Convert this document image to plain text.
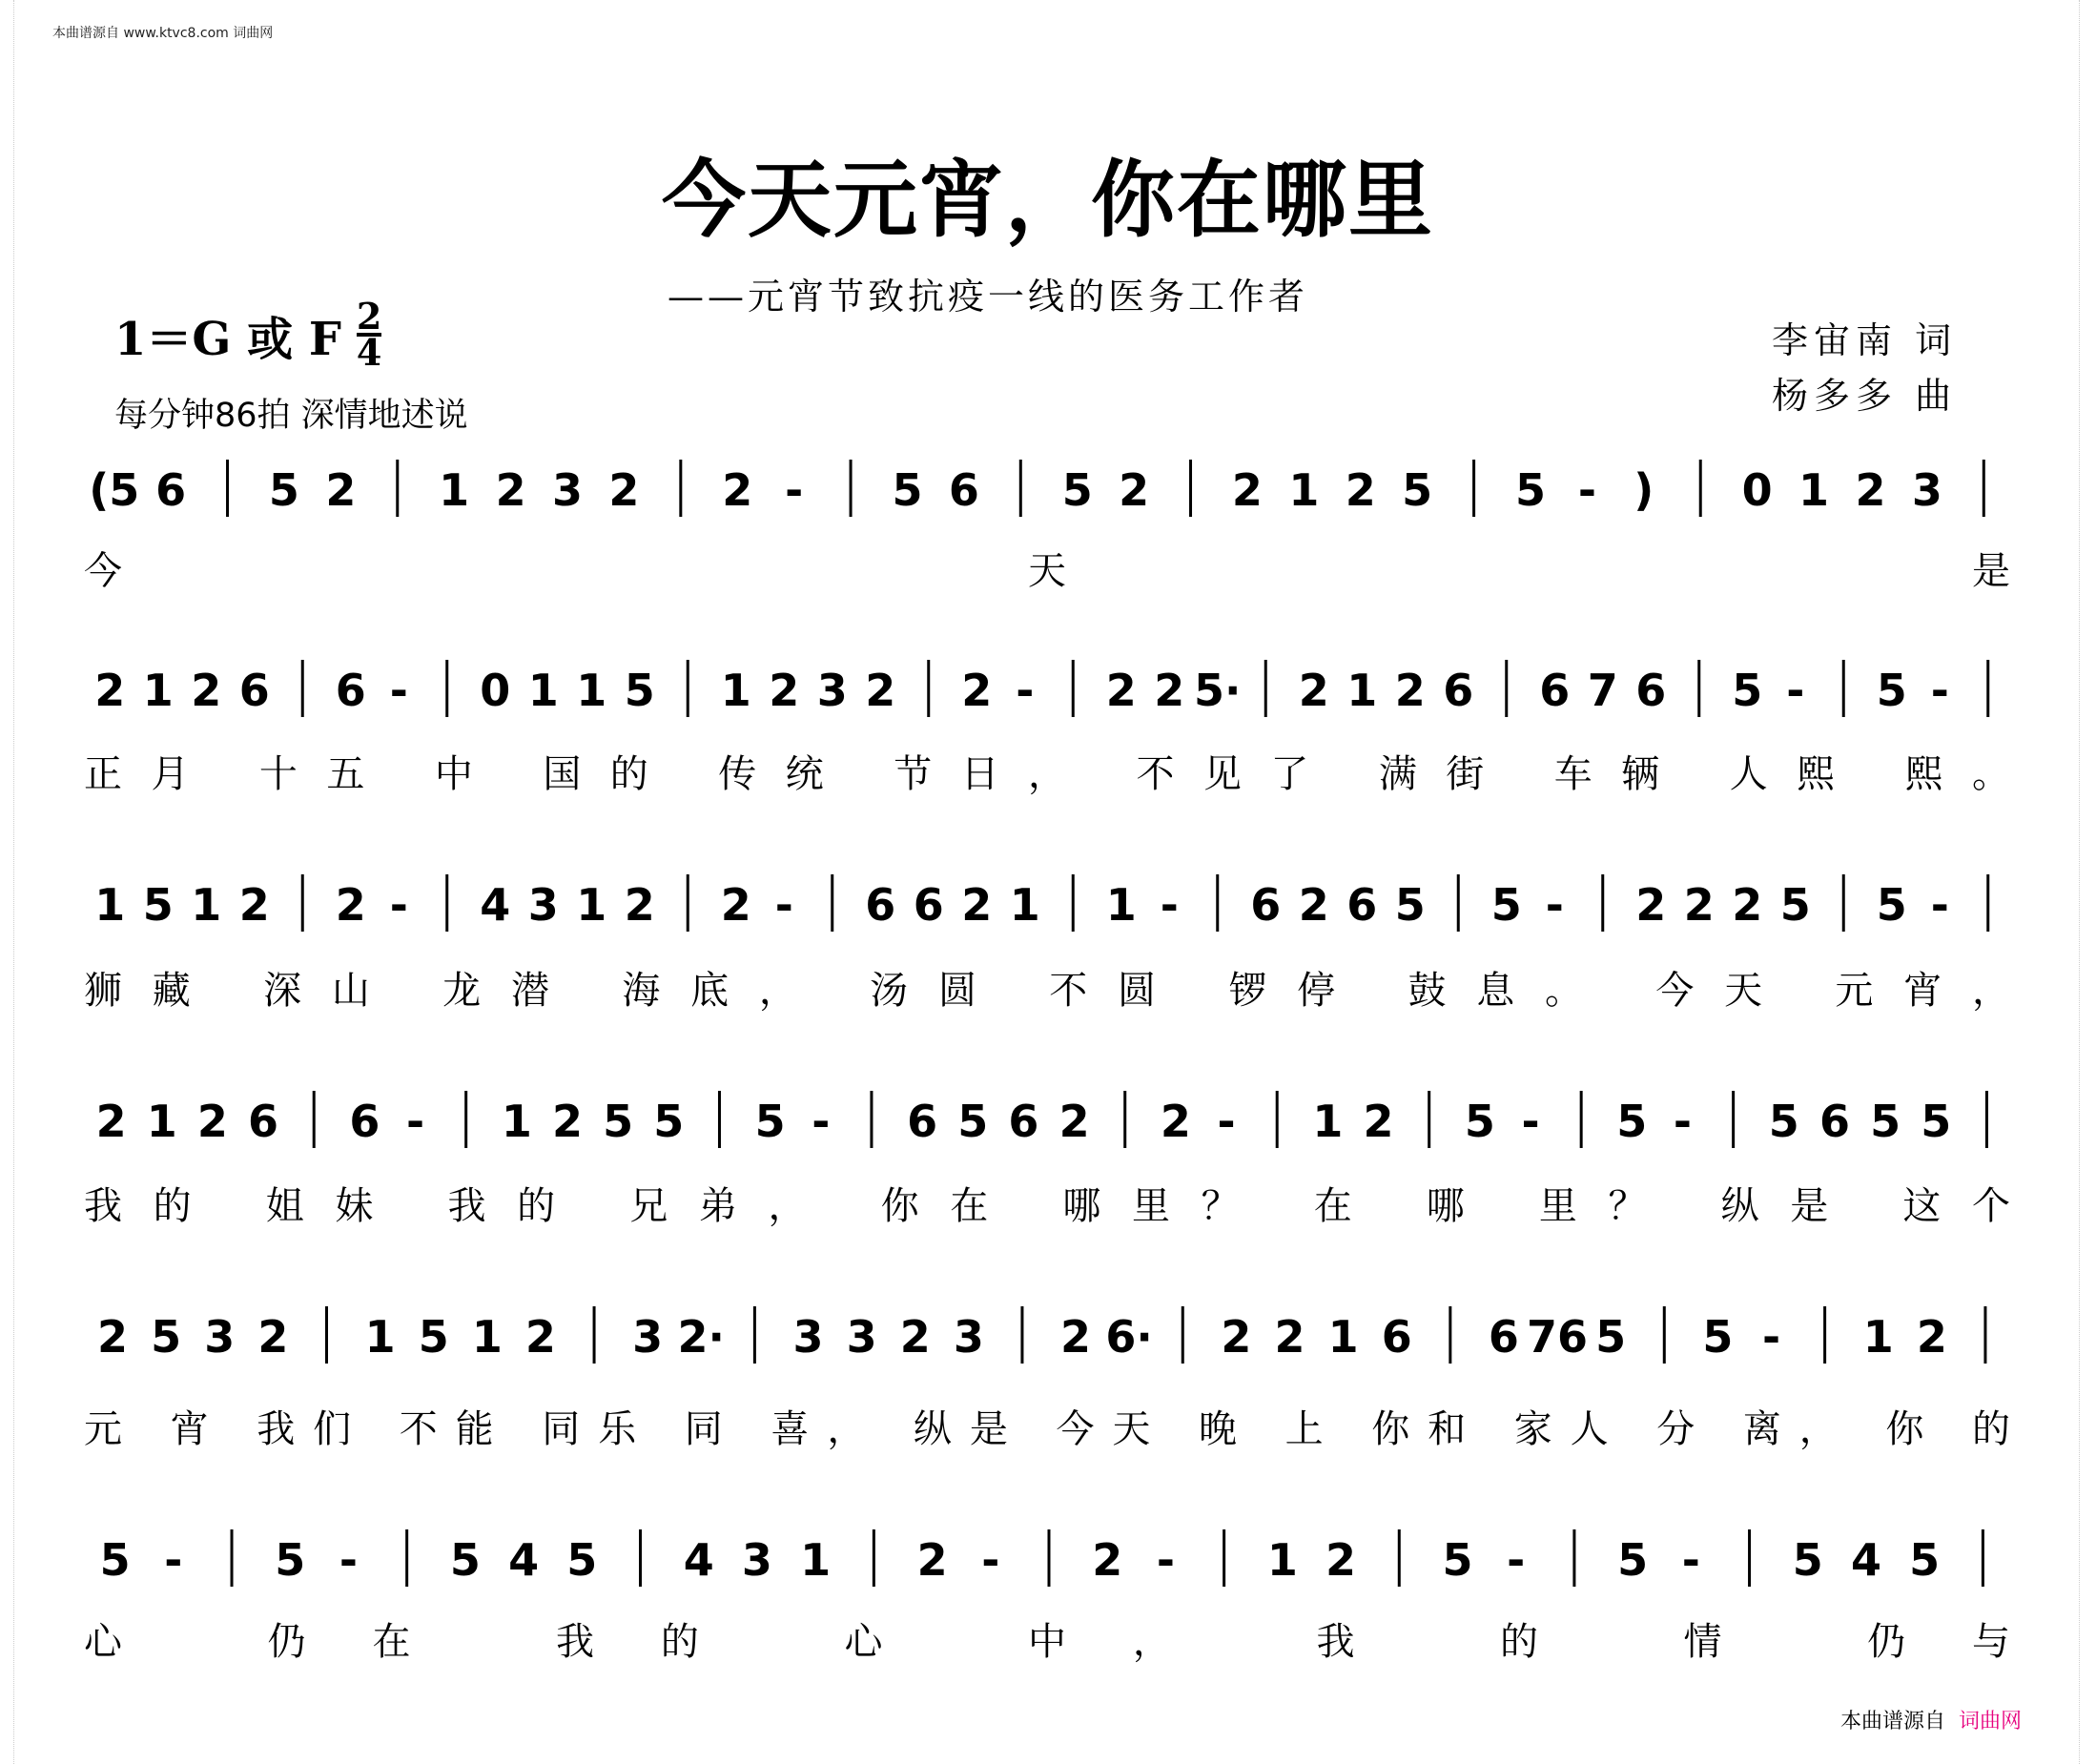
本曲谱源自 www.ktvc8.com 词曲网
今天元宵，你在哪里
——元宵节致抗疫一线的医务工作者
1＝G 或 F $\frac{2}{4}$
每分钟86拍 深情地述说
李宙南 词
杨多多 曲
(5 6 5 2 1 2 3 2 2 - 5 6 5 2 2 1 2 5 5 - ) 0 1 2 3
今 天 是
2 1 2 6 6 - 0 1 1 5 1 2 3 2 2 - 2 2 5· 2 1 2 6 6 7 6 5 - 5 -
正月 十五 中 国的 传统 节日， 不见了 满街 车辆 人熙 熙。
1 5 1 2 2 - 4 3 1 2 2 - 6 6 2 1 1 - 6 2 6 5 5 - 2 2 2 5 5 -
狮藏 深山 龙潜 海底， 汤圆 不圆 锣停 鼓息。 今天 元宵，
2 1 2 6 6 - 1 2 5 5 5 - 6 5 6 2 2 - 1 2 5 - 5 - 5 6 5 5
我的 姐妹 我的 兄弟， 你在 哪里？ 在 哪 里？ 纵是 这个
2 5 3 2 1 5 1 2 3 2· 3 3 2 3 2 6· 2 2 1 6 6 76 5 5 - 1 2
元 宵 我们 不能 同乐 同 喜， 纵是 今天 晚 上 你和 家人 分 离， 你 的
5 - 5 - 5 4 5 4 3 1 2 - 2 - 1 2 5 - 5 - 5 4 5
心 仍在 我的 心 中， 我 的 情 仍与
本曲谱源自 词曲网
